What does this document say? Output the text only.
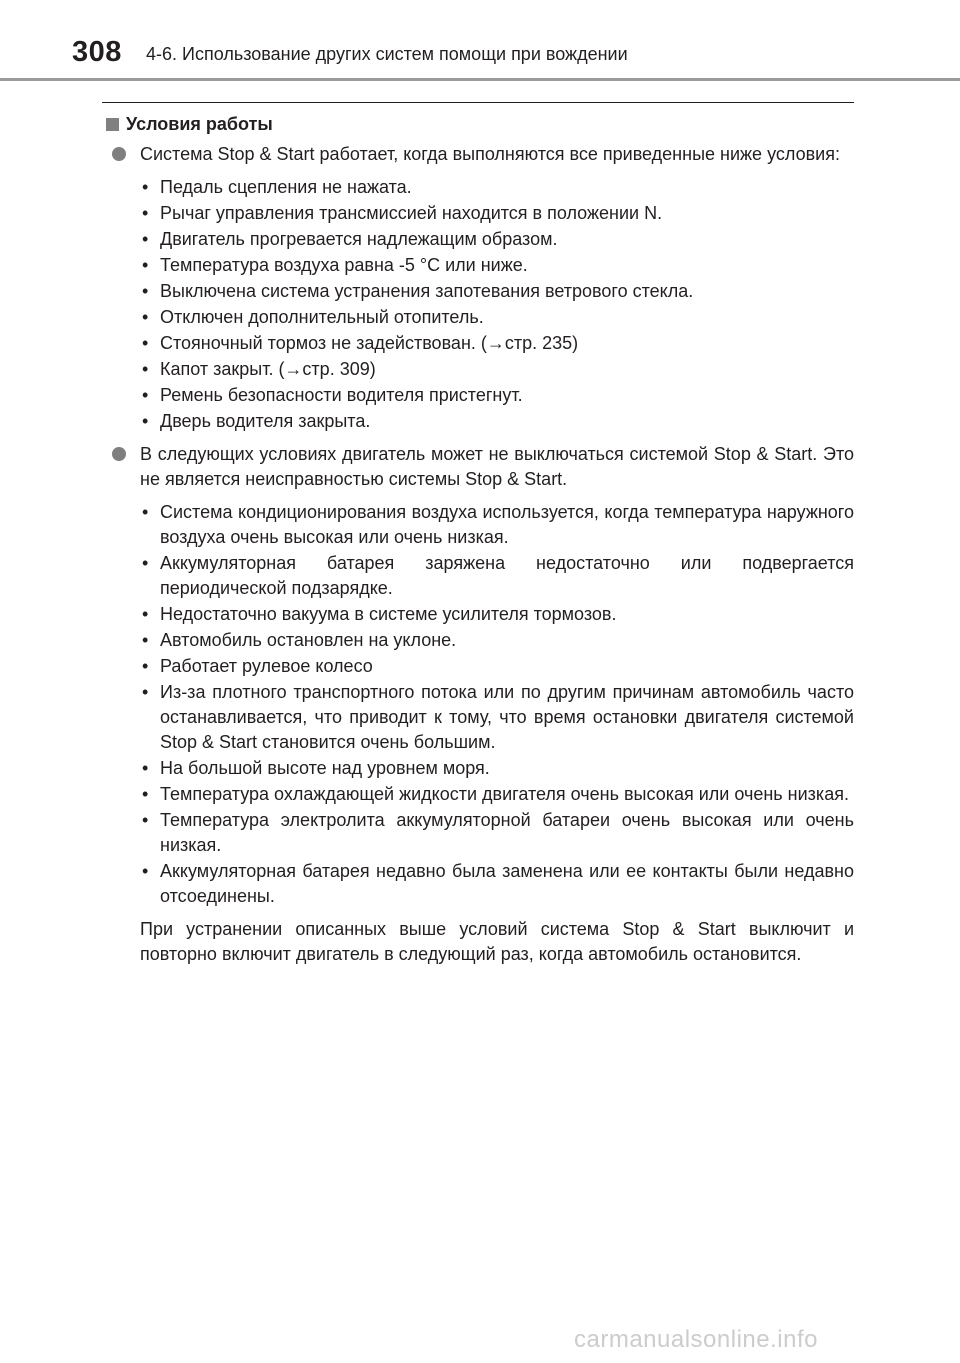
308 4-6. Использование других систем помощи при вождении
Условия работы
Система Stop & Start работает, когда выполняются все приведенные ниже условия:
• Педаль сцепления не нажата.
• Рычаг управления трансмиссией находится в положении N.
• Двигатель прогревается надлежащим образом.
• Температура воздуха равна -5 °C или ниже.
• Выключена система устранения запотевания ветрового стекла.
• Отключен дополнительный отопитель.
• Стояночный тормоз не задействован. (→стр. 235)
• Капот закрыт. (→стр. 309)
• Ремень безопасности водителя пристегнут.
• Дверь водителя закрыта.
В следующих условиях двигатель может не выключаться системой Stop & Start. Это не является неисправностью системы Stop & Start.
• Система кондиционирования воздуха используется, когда температура наружного воздуха очень высокая или очень низкая.
• Аккумуляторная батарея заряжена недостаточно или подвергается периодической подзарядке.
• Недостаточно вакуума в системе усилителя тормозов.
• Автомобиль остановлен на уклоне.
• Работает рулевое колесо
• Из-за плотного транспортного потока или по другим причинам автомобиль часто останавливается, что приводит к тому, что время остановки двигателя системой Stop & Start становится очень большим.
• На большой высоте над уровнем моря.
• Температура охлаждающей жидкости двигателя очень высокая или очень низкая.
• Температура электролита аккумуляторной батареи очень высокая или очень низкая.
• Аккумуляторная батарея недавно была заменена или ее контакты были недавно отсоединены.
При устранении описанных выше условий система Stop & Start выключит и повторно включит двигатель в следующий раз, когда автомобиль остановится.
carmanualsonline.info
